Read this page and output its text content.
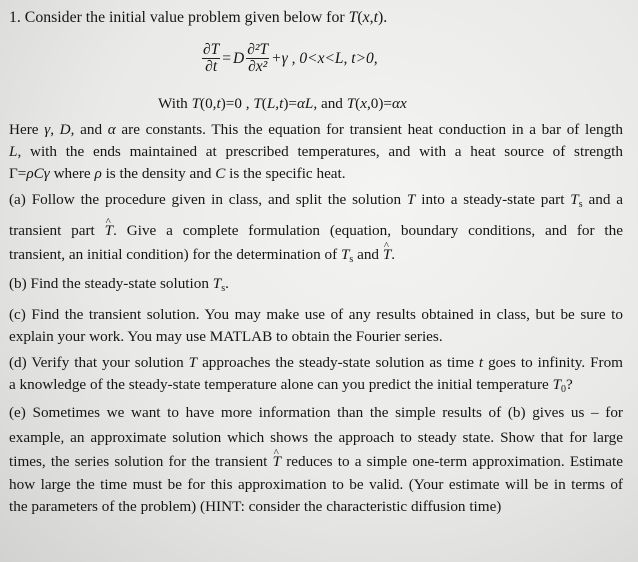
1. Consider the initial value problem given below for T(x,t).
$\frac{\partial T}{\partial t} = D \frac{\text{∂²T}}{\text{∂x²}} +\gamma$ , 0<x<L, t>0,
With T(0,t)=0 , T(L,t)=αL, and T(x,0)=αx
Here γ, D, and α are constants. This the equation for transient heat conduction in a bar of length
L, with the ends maintained at prescribed temperatures, and with a heat source of strength
Γ=ρCγ where ρ is the density and C is the specific heat.
(a) Follow the procedure given in class, and split the solution T into a steady-state part $T_s$ and a
transient part T ^. Give a complete formulation (equation, boundary conditions, and for the
transient, an initial condition) for the determination of $T_s$ and T ^.
(b) Find the steady-state solution $T_s$.
(c) Find the transient solution. You may make use of any results obtained in class, but be sure to
explain your work. You may use MATLAB to obtain the Fourier series.
(d) Verify that your solution T approaches the steady-state solution as time t goes to infinity. From
a knowledge of the steady-state temperature alone can you predict the initial temperature $T_0$?
(e) Sometimes we want to have more information than the simple results of (b) gives us – for
example, an approximate solution which shows the approach to steady state. Show that for large
times, the series solution for the transient T ^ reduces to a simple one-term approximation. Estimate
how large the time must be for this approximation to be valid. (Your estimate will be in terms of
the parameters of the problem) (HINT: consider the characteristic diffusion time)
